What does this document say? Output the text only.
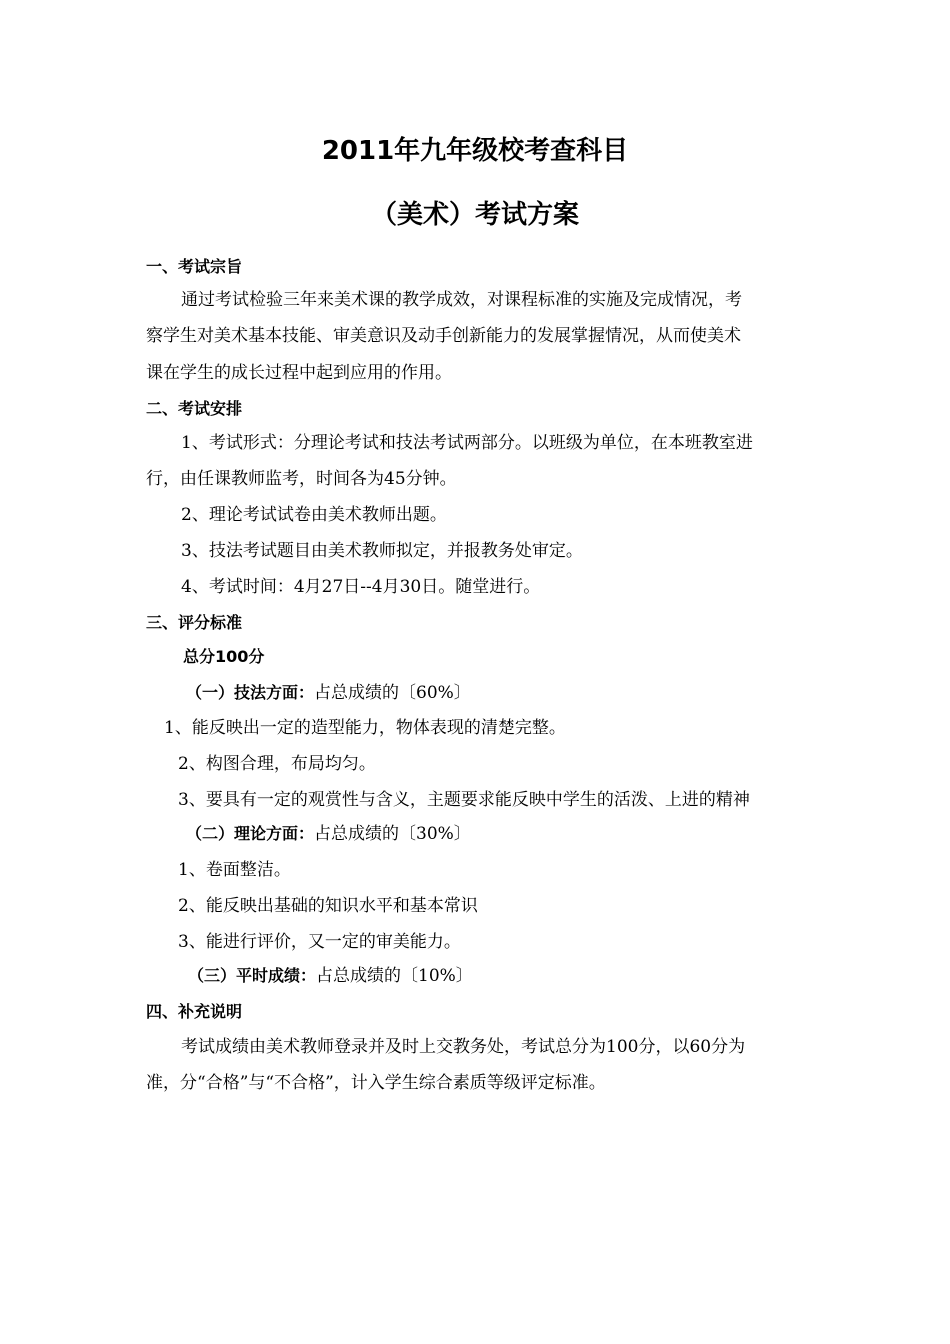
2011年九年级校考查科目
（美术）考试方案
一、考试宗旨
通过考试检验三年来美术课的教学成效，对课程标准的实施及完成情况，考
察学生对美术基本技能、审美意识及动手创新能力的发展掌握情况，从而使美术
课在学生的成长过程中起到应用的作用。
二、考试安排
1、考试形式：分理论考试和技法考试两部分。以班级为单位，在本班教室进
行，由任课教师监考，时间各为45分钟。
2、理论考试试卷由美术教师出题。
3、技法考试题目由美术教师拟定，并报教务处审定。
4、考试时间：4月27日--4月30日。随堂进行。
三、评分标准
总分100分
（一）技法方面：占总成绩的〔60%〕
1、能反映出一定的造型能力，物体表现的清楚完整。
2、构图合理，布局均匀。
3、要具有一定的观赏性与含义，主题要求能反映中学生的活泼、上进的精神
（二）理论方面：占总成绩的〔30%〕
1、卷面整洁。
2、能反映出基础的知识水平和基本常识
3、能进行评价，又一定的审美能力。
（三）平时成绩：占总成绩的〔10%〕
四、补充说明
考试成绩由美术教师登录并及时上交教务处，考试总分为100分，以60分为
准，分“合格”与“不合格”，计入学生综合素质等级评定标准。
